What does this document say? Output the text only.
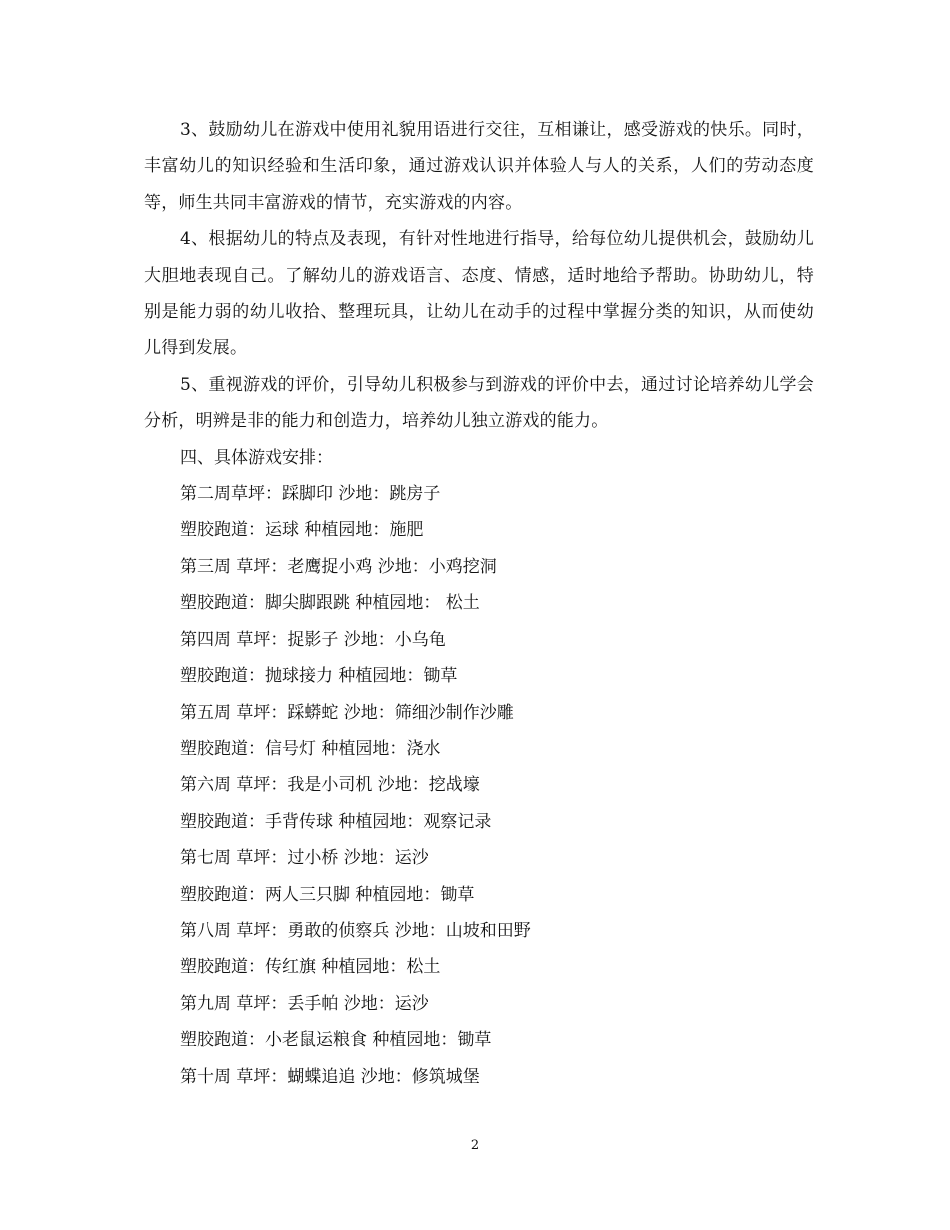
3、鼓励幼儿在游戏中使用礼貌用语进行交往，互相谦让，感受游戏的快乐。同时，丰富幼儿的知识经验和生活印象，通过游戏认识并体验人与人的关系，人们的劳动态度等，师生共同丰富游戏的情节，充实游戏的内容。

4、根据幼儿的特点及表现，有针对性地进行指导，给每位幼儿提供机会，鼓励幼儿大胆地表现自己。了解幼儿的游戏语言、态度、情感，适时地给予帮助。协助幼儿，特别是能力弱的幼儿收拾、整理玩具，让幼儿在动手的过程中掌握分类的知识，从而使幼儿得到发展。

5、重视游戏的评价，引导幼儿积极参与到游戏的评价中去，通过讨论培养幼儿学会分析，明辨是非的能力和创造力，培养幼儿独立游戏的能力。

四、具体游戏安排：

第二周草坪：踩脚印 沙地：跳房子

塑胶跑道：运球 种植园地：施肥

第三周 草坪：老鹰捉小鸡 沙地：小鸡挖洞

塑胶跑道：脚尖脚跟跳 种植园地： 松土

第四周 草坪：捉影子 沙地：小乌龟

塑胶跑道：抛球接力 种植园地：锄草

第五周 草坪：踩蟒蛇 沙地：筛细沙制作沙雕

塑胶跑道：信号灯 种植园地：浇水

第六周 草坪：我是小司机 沙地：挖战壕

塑胶跑道：手背传球 种植园地：观察记录

第七周 草坪：过小桥 沙地：运沙

塑胶跑道：两人三只脚 种植园地：锄草

第八周 草坪：勇敢的侦察兵 沙地：山坡和田野

塑胶跑道：传红旗 种植园地：松土

第九周 草坪：丢手帕 沙地：运沙

塑胶跑道：小老鼠运粮食 种植园地：锄草

第十周 草坪：蝴蝶追追 沙地：修筑城堡

2
